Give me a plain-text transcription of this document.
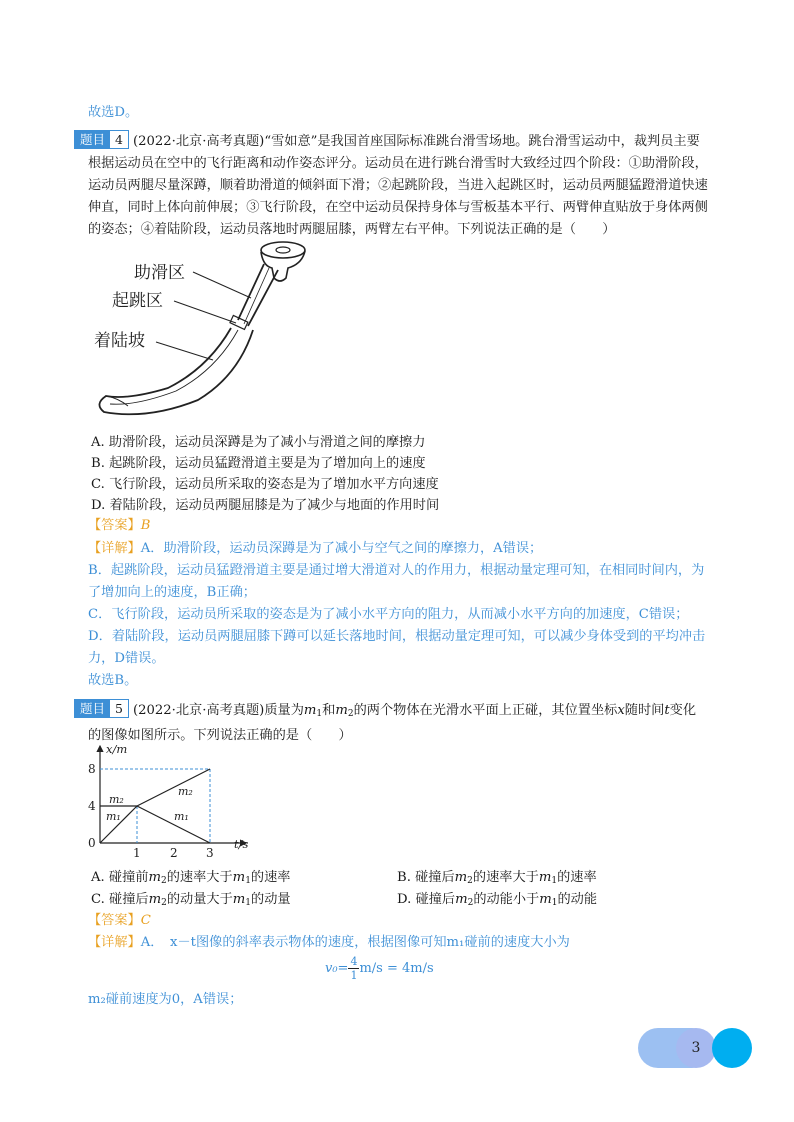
故选D。
题目 4 (2022·北京·高考真题)“雪如意”是我国首座国际标准跳台滑雪场地。跳台滑雪运动中，裁判员主要根据运动员在空中的飞行距离和动作姿态评分。运动员在进行跳台滑雪时大致经过四个阶段：①助滑阶段，运动员两腿尽量深蹲，顺着助滑道的倾斜面下滑；②起跳阶段，当进入起跳区时，运动员两腿猛蹬滑道快速伸直，同时上体向前伸展；③飞行阶段，在空中运动员保持身体与雪板基本平行、两臂伸直贴放于身体两侧的姿态；④着陆阶段，运动员落地时两腿屈膝，两臂左右平伸。下列说法正确的是（　　）
助滑区
起跳区
着陆坡
A. 助滑阶段，运动员深蹲是为了减小与滑道之间的摩擦力
B. 起跳阶段，运动员猛蹬滑道主要是为了增加向上的速度
C. 飞行阶段，运动员所采取的姿态是为了增加水平方向速度
D. 着陆阶段，运动员两腿屈膝是为了减少与地面的作用时间
【答案】B
【详解】A．助滑阶段，运动员深蹲是为了减小与空气之间的摩擦力，A错误；
B．起跳阶段，运动员猛蹬滑道主要是通过增大滑道对人的作用力，根据动量定理可知，在相同时间内，为了增加向上的速度，B正确；
C．飞行阶段，运动员所采取的姿态是为了减小水平方向的阻力，从而减小水平方向的加速度，C错误；
D．着陆阶段，运动员两腿屈膝下蹲可以延长落地时间，根据动量定理可知，可以减少身体受到的平均冲击力，D错误。
故选B。
题目 5 (2022·北京·高考真题)质量为$m_1$和$m_2$的两个物体在光滑水平面上正碰，其位置坐标x随时间t变化的图像如图所示。下列说法正确的是（　　）
x/m
t/s
8
4
0
1 2 3
m₂
m₁
m₂
m₁
A. 碰撞前$m_2$的速率大于$m_1$的速率	B. 碰撞后$m_2$的速率大于$m_1$的速率
C. 碰撞后$m_2$的动量大于$m_1$的动量	D. 碰撞后$m_2$的动能小于$m_1$的动能
【答案】C
【详解】A．　x－t图像的斜率表示物体的速度，根据图像可知m₁碰前的速度大小为
$v_0= \frac{4}{1} m/s = 4m/s$
m₂碰前速度为0，A错误；
3
